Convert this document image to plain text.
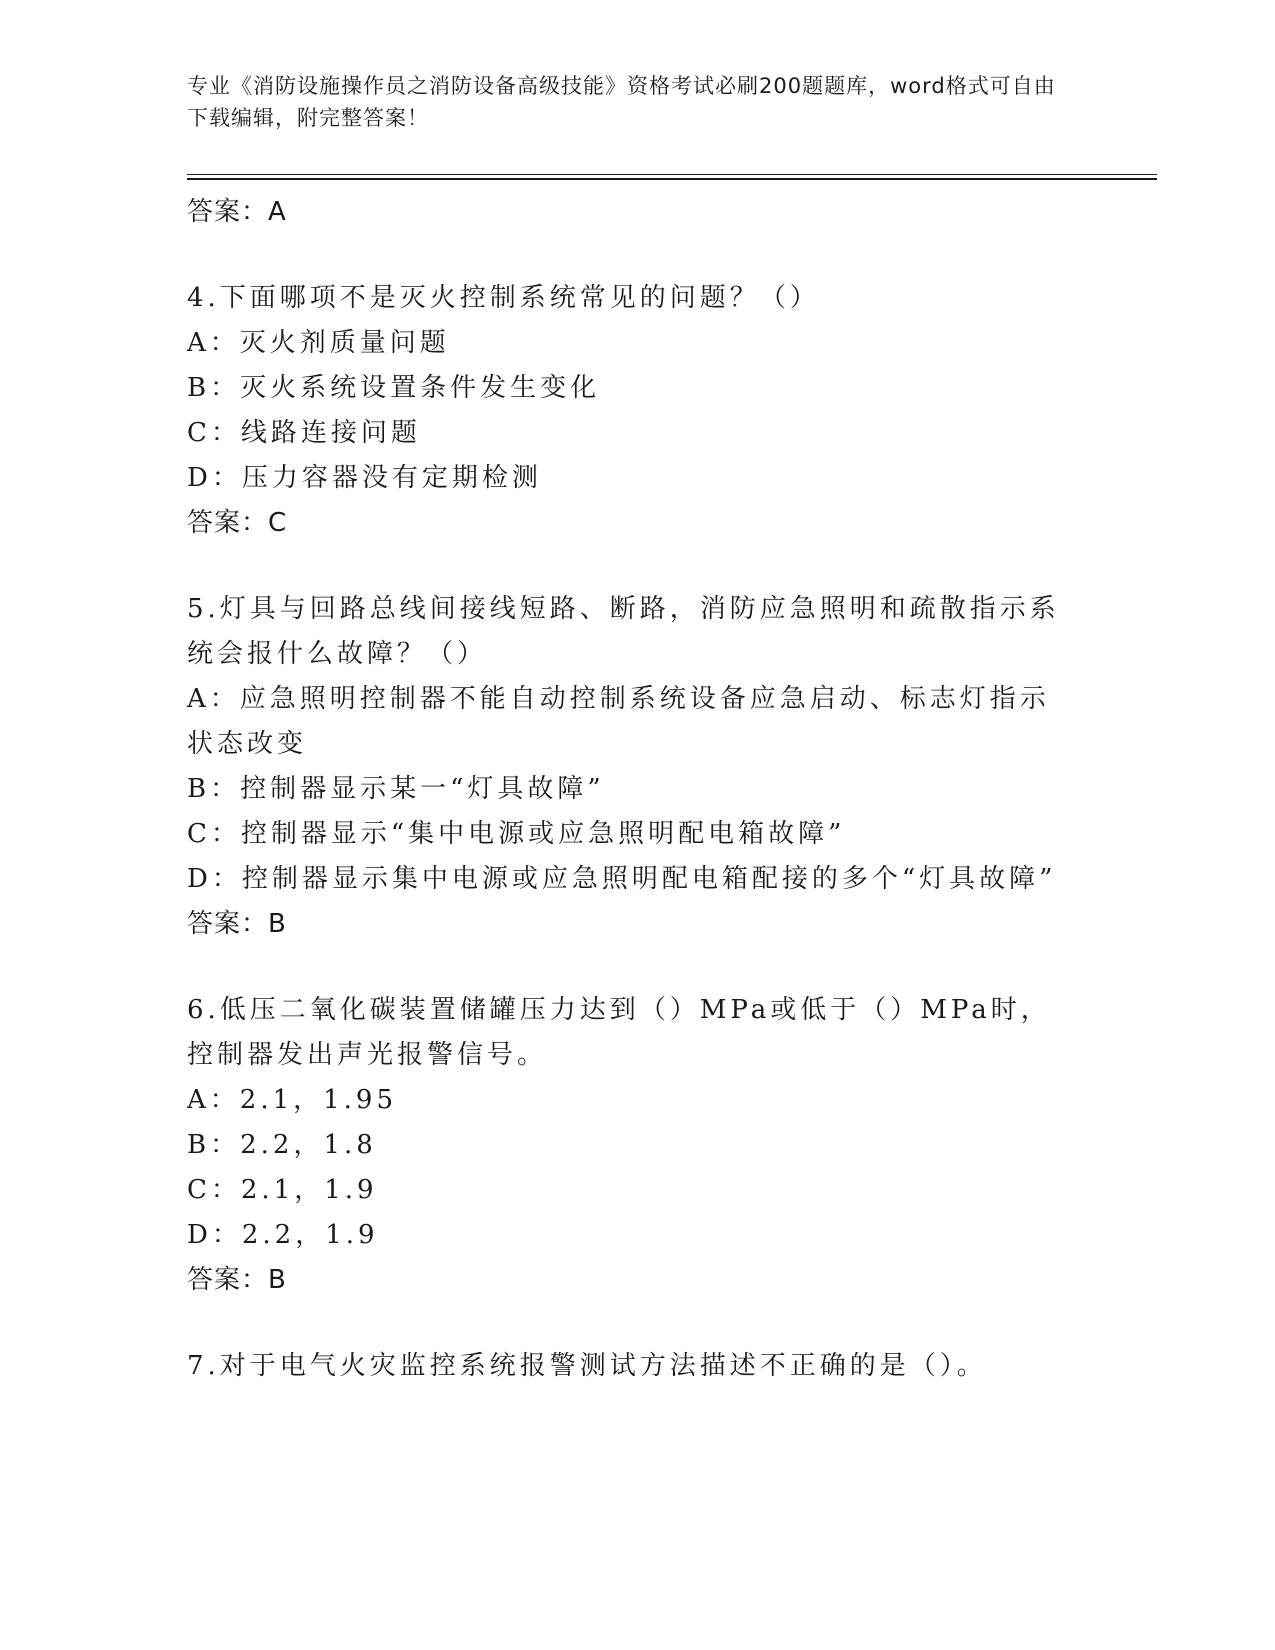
专业《消防设施操作员之消防设备高级技能》资格考试必刷200题题库，word格式可自由下载编辑，附完整答案！

答案：A

4.下面哪项不是灭火控制系统常见的问题？（）

A：灭火剂质量问题

B：灭火系统设置条件发生变化

C：线路连接问题

D：压力容器没有定期检测

答案：C

5.灯具与回路总线间接线短路、断路，消防应急照明和疏散指示系统会报什么故障？（）

A：应急照明控制器不能自动控制系统设备应急启动、标志灯指示状态改变

B：控制器显示某一“灯具故障”

C：控制器显示“集中电源或应急照明配电箱故障”

D：控制器显示集中电源或应急照明配电箱配接的多个“灯具故障”

答案：B

6.低压二氧化碳装置储罐压力达到（）MPa或低于（）MPa时，控制器发出声光报警信号。

A：2.1，1.95

B：2.2，1.8

C：2.1，1.9

D：2.2，1.9

答案：B

7.对于电气火灾监控系统报警测试方法描述不正确的是（）。
